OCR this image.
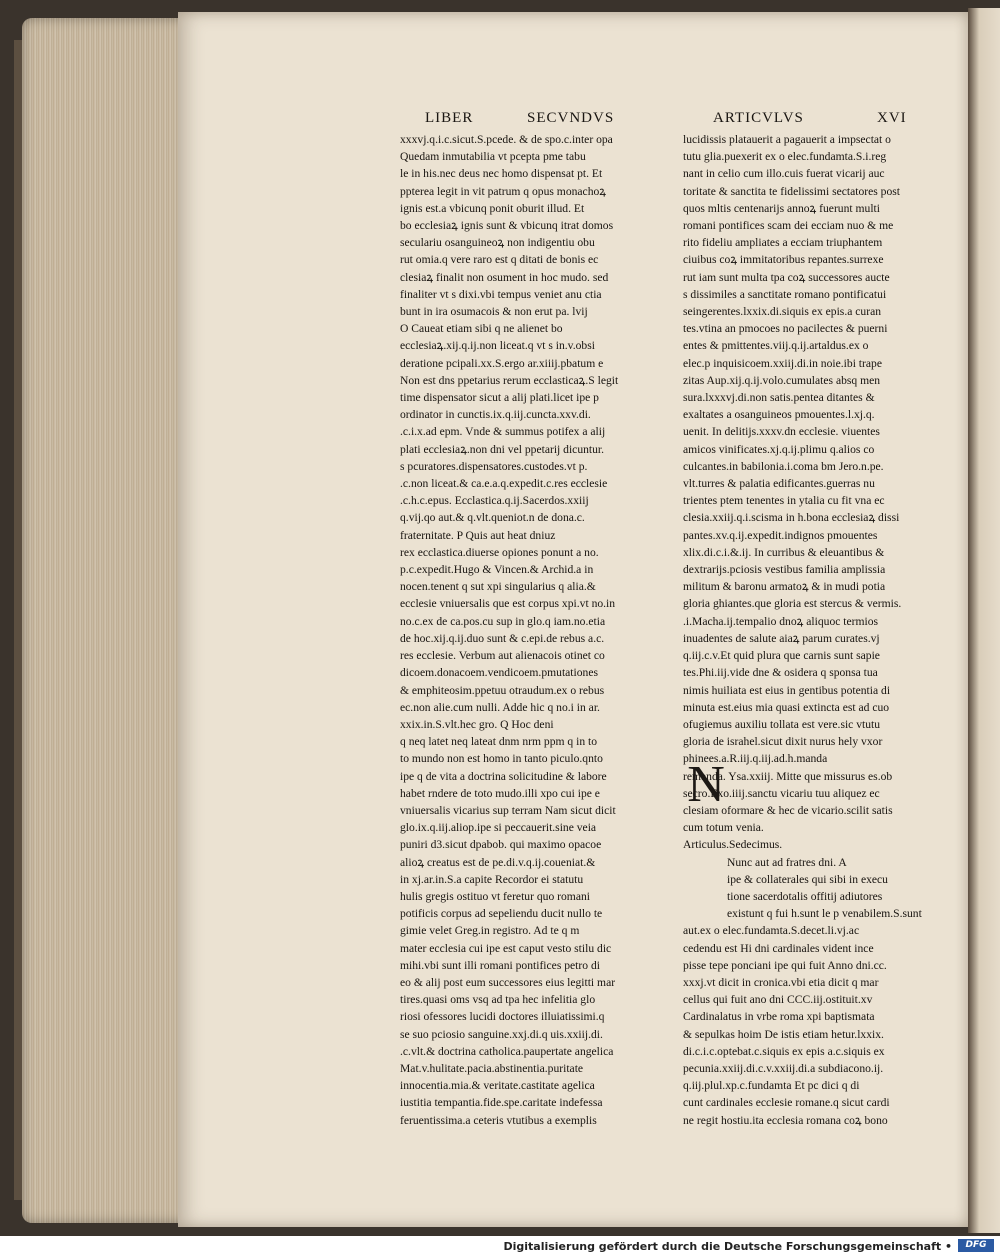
LIBER	SECVNDVS	ARTICVLVS	XVI
xxxvj.q.i.c.sicut.S.pcede. & de spo.c.inter opa
Quedam inmutabilia vt pcepta pme tabu
le in his.nec deus nec homo dispensat pt. Et
ppterea legit in vit patrum q opus monachoꝝ
ignis est.a vbicunq ponit oburit illud. Et
bo ecclesiaꝝ ignis sunt & vbicunq itrat domos
seculariu osanguineoꝝ non indigentiu obu
rut omia.q vere raro est q ditati de bonis ec
clesiaꝝ finalit non osument in hoc mudo. sed
finaliter vt s dixi.vbi tempus veniet anu ctia
bunt in ira osumacois & non erut pa. lvij
O Caueat etiam sibi q ne alienet bo
ecclesiaꝝ.xij.q.ij.non liceat.q vt s in.v.obsi
deratione pcipali.xx.S.ergo ar.xiiij.pbatum e
Non est dns ppetarius rerum ecclasticaꝝ.S legit
time dispensator sicut a alij plati.licet ipe p
ordinator in cunctis.ix.q.iij.cuncta.xxv.di.
.c.i.x.ad epm. Vnde & summus potifex a alij
plati ecclesiaꝝ.non dni vel ppetarij dicuntur.
s pcuratores.dispensatores.custodes.vt p.
.c.non liceat.& ca.e.a.q.expedit.c.res ecclesie
.c.h.c.epus. Ecclastica.q.ij.Sacerdos.xxiij
q.vij.qo aut.& q.vlt.queniot.n de dona.c.
fraternitate. P Quis aut heat dniuz
rex ecclastica.diuerse opiones ponunt a no.
p.c.expedit.Hugo & Vincen.& Archid.a in
nocen.tenent q sut xpi singularius q alia.&
ecclesie vniuersalis que est corpus xpi.vt no.in
no.c.ex de ca.pos.cu sup in glo.q iam.no.etia
de hoc.xij.q.ij.duo sunt & c.epi.de rebus a.c.
res ecclesie. Verbum aut alienacois otinet co
dicoem.donacoem.vendicoem.pmutationes
& emphiteosim.ppetuu otraudum.ex o rebus
ec.non alie.cum nulli. Adde hic q no.i in ar.
xxix.in.S.vlt.hec gro. Q Hoc deni
q neq latet neq lateat dnm nrm ppm q in to
to mundo non est homo in tanto piculo.qnto
ipe q de vita a doctrina solicitudine & labore
habet rndere de toto mudo.illi xpo cui ipe e
vniuersalis vicarius sup terram Nam sicut dicit
glo.ix.q.iij.aliop.ipe si peccauerit.sine veia
puniri d3.sicut dpabob. qui maximo opacoe
alioꝝ creatus est de pe.di.v.q.ij.coueniat.&
in xj.ar.in.S.a capite Recordor ei statutu
hulis gregis ostituo vt feretur quo romani
potificis corpus ad sepeliendu ducit nullo te
gimie velet Greg.in registro. Ad te q m
mater ecclesia cui ipe est caput vesto stilu dic
mihi.vbi sunt illi romani pontifices petro di
eo & alij post eum successores eius legitti mar
tires.quasi oms vsq ad tpa hec infelitia glo
riosi ofessores lucidi doctores illuiatissimi.q
se suo pciosio sanguine.xxj.di.q uis.xxiij.di.
.c.vlt.& doctrina catholica.paupertate angelica
Mat.v.hulitate.pacia.abstinentia.puritate
innocentia.mia.& veritate.castitate agelica
iustitia tempantia.fide.spe.caritate indefessa
feruentissima.a ceteris vtutibus a exemplis
lucidissis platauerit a pagauerit a impsectat o
tutu glia.puexerit ex o elec.fundamta.S.i.reg
nant in celio cum illo.cuis fuerat vicarij auc
toritate & sanctita te fidelissimi sectatores post
quos mltis centenarijs annoꝝ fuerunt multi
romani pontifices scam dei ecciam nuo & me
rito fideliu ampliates a ecciam triuphantem
ciuibus coꝝ immitatoribus repantes.surrexe
rut iam sunt multa tpa coꝝ successores aucte
s dissimiles a sanctitate romano pontificatui
seingerentes.lxxix.di.siquis ex epis.a curan
tes.vtina an pmocoes no pacilectes & puerni
entes & pmittentes.viij.q.ij.artaldus.ex o
elec.p inquisicoem.xxiij.di.in noie.ibi trape
zitas Aup.xij.q.ij.volo.cumulates absq men
sura.lxxxvj.di.non satis.pentea ditantes &
exaltates a osanguineos pmouentes.l.xj.q.
uenit. In delitijs.xxxv.dn ecclesie. viuentes
amicos vinificates.xj.q.ij.plimu q.alios co
culcantes.in babilonia.i.coma bm Jero.n.pe.
vlt.turres & palatia edificantes.guerras nu
trientes ptem tenentes in ytalia cu fit vna ec
clesia.xxiij.q.i.scisma in h.bona ecclesiaꝝ dissi
pantes.xv.q.ij.expedit.indignos pmouentes
xlix.di.c.i.&.ij. In curribus & eleuantibus &
dextrarijs.pciosis vestibus familia amplissia
militum & baronu armatoꝝ & in mudi potia
gloria ghiantes.que gloria est stercus & vermis.
.i.Macha.ij.tempalio dnoꝝ aliquoc termios
inuadentes de salute aiaꝝ parum curates.vj
q.iij.c.v.Et quid plura que carnis sunt sapie
tes.Phi.iij.vide dne & osidera q sponsa tua
nimis huiliata est eius in gentibus potentia di
minuta est.eius mia quasi extincta est ad cuo
ofugiemus auxiliu tollata est vere.sic vtutu
gloria de israhel.sicut dixit nurus hely vxor
phinees.a.R.iij.q.iij.ad.h.manda
remanda. Ysa.xxiij. Mitte que missurus es.ob
secro.Exo.iiij.sanctu vicariu tuu aliquez ec
clesiam oformare & hec de vicario.scilit satis
cum totum venia.
Articulus.Sedecimus.
Nunc aut ad fratres dni. A
ipe & collaterales qui sibi in execu
tione sacerdotalis offitij adiutores
existunt q fui h.sunt le p venabilem.S.sunt
aut.ex o elec.fundamta.S.decet.li.vj.ac
cedendu est Hi dni cardinales vident ince
pisse tepe ponciani ipe qui fuit Anno dni.cc.
xxxj.vt dicit in cronica.vbi etia dicit q mar
cellus qui fuit ano dni CCC.iij.ostituit.xv
Cardinalatus in vrbe roma xpi baptismata
& sepulkas hoim De istis etiam hetur.lxxix.
di.c.i.c.optebat.c.siquis ex epis a.c.siquis ex
pecunia.xxiij.di.c.v.xxiij.di.a subdiacono.ij.
q.iij.plul.xp.c.fundamta Et pc dici q di
cunt cardinales ecclesie romane.q sicut cardi
ne regit hostiu.ita ecclesia romana coꝝ bono
N
Digitalisierung gefördert durch die Deutsche Forschungsgemeinschaft •	DFG
